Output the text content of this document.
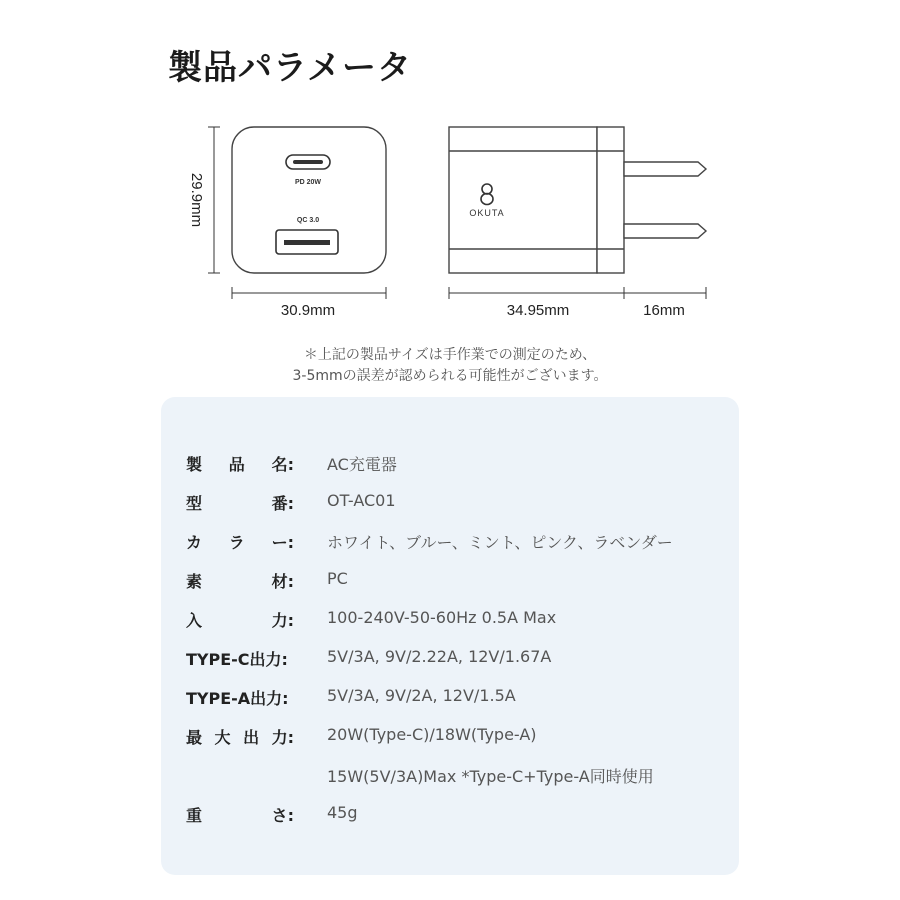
製品パラメータ
29.9mm	PD 20W
QC 3.0
30.9mm
OKUTA
34.95mm	16mm
＊上記の製品サイズは手作業での測定のため、
3-5mmの誤差が認められる可能性がございます。
製 品 名: AC充電器
型	番: OT-AC01
カ ラ ー: ホワイト、ブルー、ミント、ピンク、ラベンダー
素	材: PC
入	力: 100-240V-50-60Hz 0.5A Max
TYPE-C出力: 5V/3A, 9V/2.22A, 12V/1.67A
TYPE-A出力: 5V/3A, 9V/2A, 12V/1.5A
最 大 出 力: 20W(Type-C)/18W(Type-A)
15W(5V/3A)Max *Type-C+Type-A同時使用
重	さ: 45g
